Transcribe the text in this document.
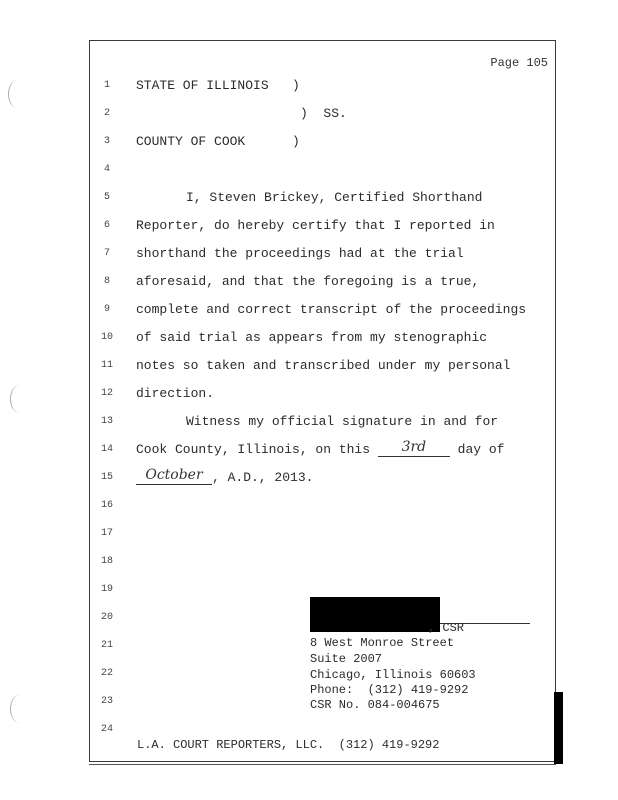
Page 105
1
2
3
4
5
6
7
8
9
10
11
12
13
14
15
16
17
18
19
20
21
22
23
24
STATE OF ILLINOIS   )
)  SS.
COUNTY OF COOK      )
I, Steven Brickey, Certified Shorthand
Reporter, do hereby certify that I reported in
shorthand the proceedings had at the trial
aforesaid, and that the foregoing is a true,
complete and correct transcript of the proceedings
of said trial as appears from my stenographic
notes so taken and transcribed under my personal
direction.
Witness my official signature in and for
Cook County, Illinois, on this	3rd	day of
October , A.D., 2013.
, CSR
8 West Monroe Street
Suite 2007
Chicago, Illinois 60603
Phone:  (312) 419-9292
CSR No. 084-004675
L.A. COURT REPORTERS, LLC.  (312) 419-9292
